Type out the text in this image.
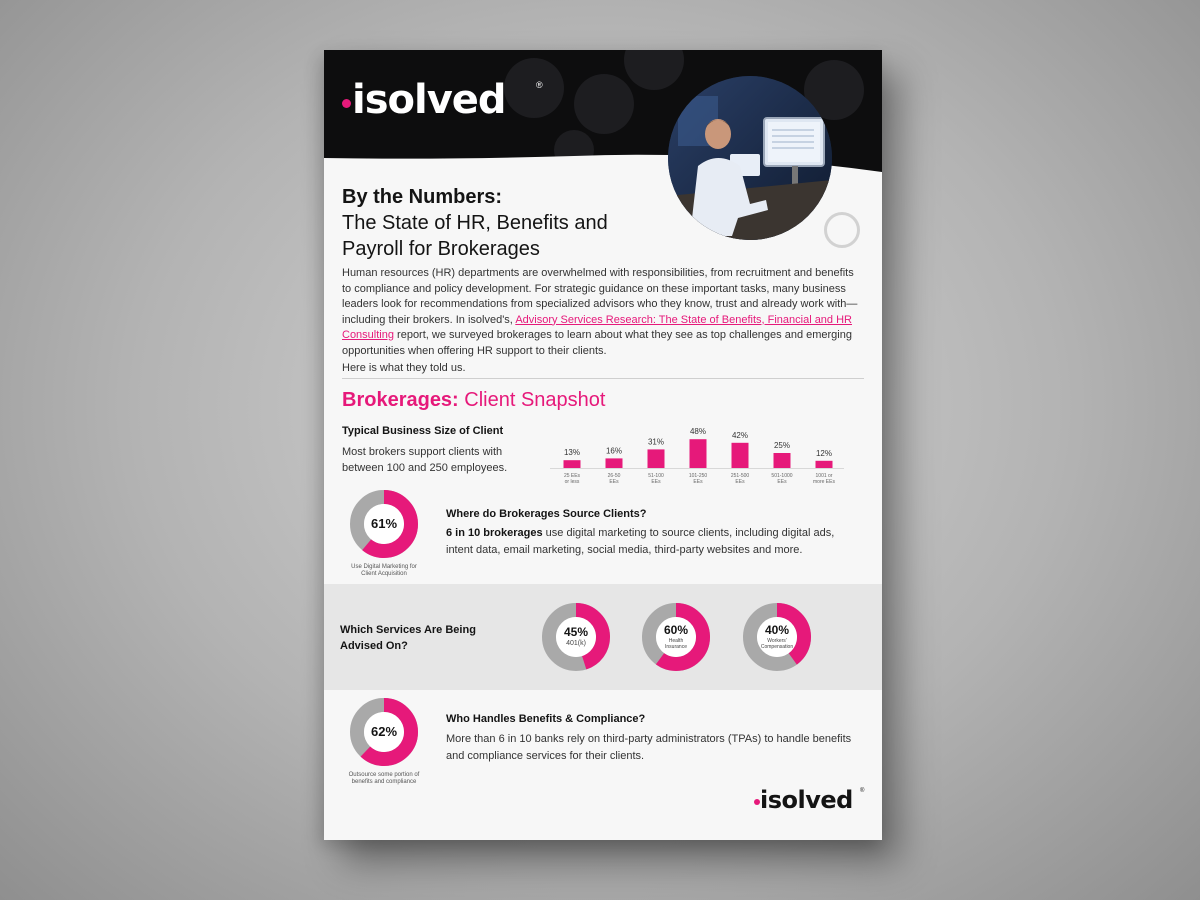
isolved	®
By the Numbers:
The State of HR, Benefits and
Payroll for Brokerages
Human resources (HR) departments are overwhelmed with responsibilities, from recruitment and benefits to compliance and policy development. For strategic guidance on these important tasks, many business leaders look for recommendations from specialized advisors who they know, trust and already work with—including their brokers. In isolved's, Advisory Services Research: The State of Benefits, Financial and HR Consulting report, we surveyed brokerages to learn about what they see as top challenges and emerging opportunities when offering HR support to their clients.
Here is what they told us.
Brokerages: Client Snapshot
Typical Business Size of Client
Most brokers support clients with between 100 and 250 employees.
13%
25 EEs
or less
16%
26-50
EEs
31%
51-100
EEs
48%
101-250
EEs
42%
251-500
EEs
25%
501-1000
EEs
12%
1001 or
more EEs
61%
Use Digital Marketing for
Client Acquisition
Where do Brokerages Source Clients?
6 in 10 brokerages use digital marketing to source clients, including digital ads, intent data, email marketing, social media, third-party websites and more.
Which Services Are Being
Advised On?
45%
401(k)
60%
Health
Insurance
40%
Workers'
Compensation
62%
Outsource some portion of
benefits and compliance
Who Handles Benefits & Compliance?
More than 6 in 10 banks rely on third-party administrators (TPAs) to handle benefits and compliance services for their clients.
isolved ®
